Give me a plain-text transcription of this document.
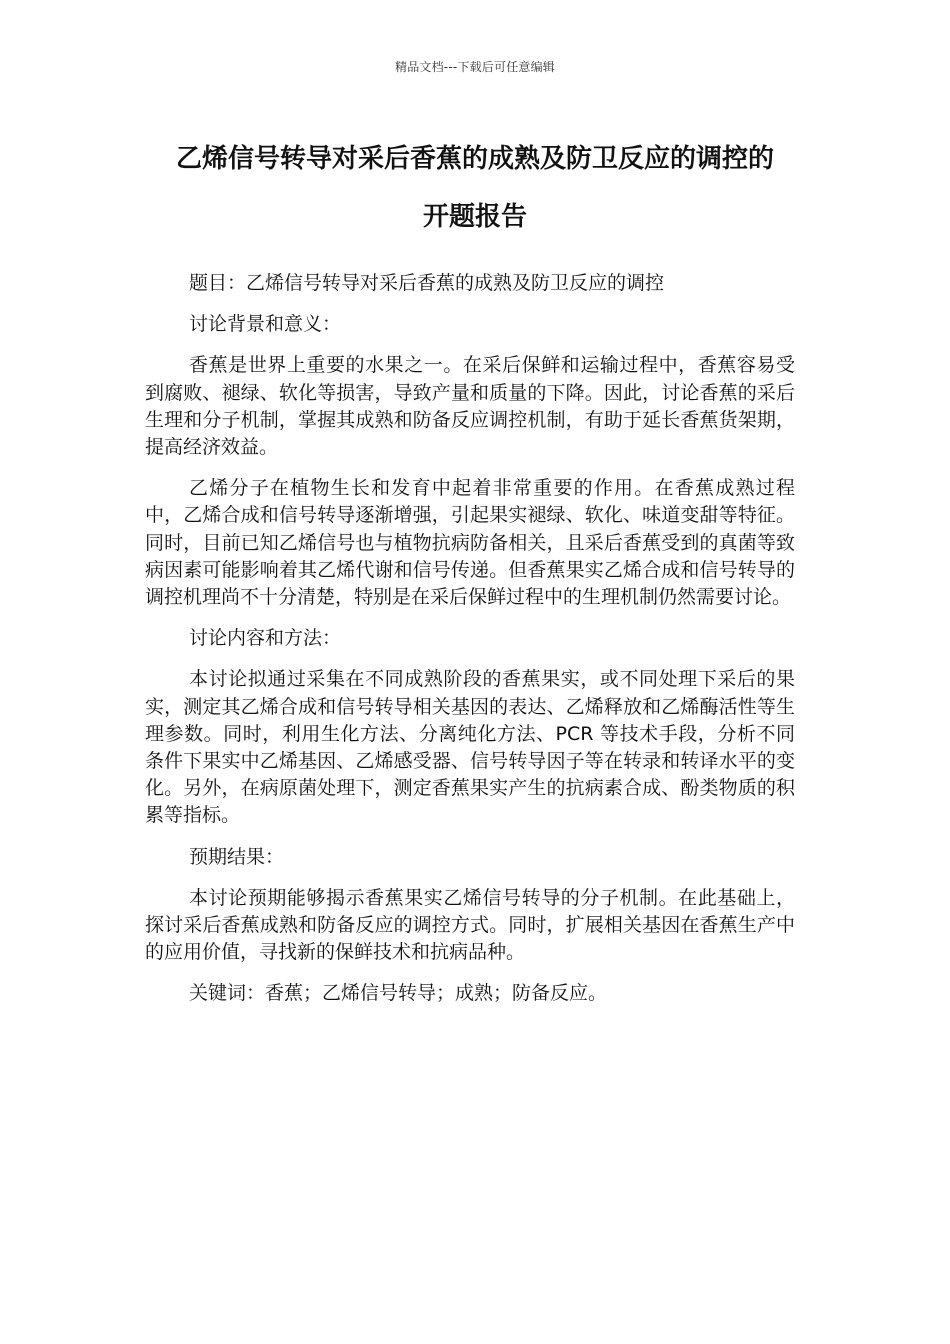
精品文档---下载后可任意编辑
乙烯信号转导对采后香蕉的成熟及防卫反应的调控的
开题报告

题目：乙烯信号转导对采后香蕉的成熟及防卫反应的调控

讨论背景和意义：

香蕉是世界上重要的水果之一。在采后保鲜和运输过程中，香蕉容易受到腐败、褪绿、软化等损害，导致产量和质量的下降。因此，讨论香蕉的采后生理和分子机制，掌握其成熟和防备反应调控机制，有助于延长香蕉货架期，提高经济效益。

乙烯分子在植物生长和发育中起着非常重要的作用。在香蕉成熟过程中，乙烯合成和信号转导逐渐增强，引起果实褪绿、软化、味道变甜等特征。同时，目前已知乙烯信号也与植物抗病防备相关，且采后香蕉受到的真菌等致病因素可能影响着其乙烯代谢和信号传递。但香蕉果实乙烯合成和信号转导的调控机理尚不十分清楚，特别是在采后保鲜过程中的生理机制仍然需要讨论。

讨论内容和方法：

本讨论拟通过采集在不同成熟阶段的香蕉果实，或不同处理下采后的果实，测定其乙烯合成和信号转导相关基因的表达、乙烯释放和乙烯酶活性等生理参数。同时，利用生化方法、分离纯化方法、PCR 等技术手段，分析不同条件下果实中乙烯基因、乙烯感受器、信号转导因子等在转录和转译水平的变化。另外，在病原菌处理下，测定香蕉果实产生的抗病素合成、酚类物质的积累等指标。

预期结果：

本讨论预期能够揭示香蕉果实乙烯信号转导的分子机制。在此基础上，探讨采后香蕉成熟和防备反应的调控方式。同时，扩展相关基因在香蕉生产中的应用价值，寻找新的保鲜技术和抗病品种。

关键词：香蕉；乙烯信号转导；成熟；防备反应。
